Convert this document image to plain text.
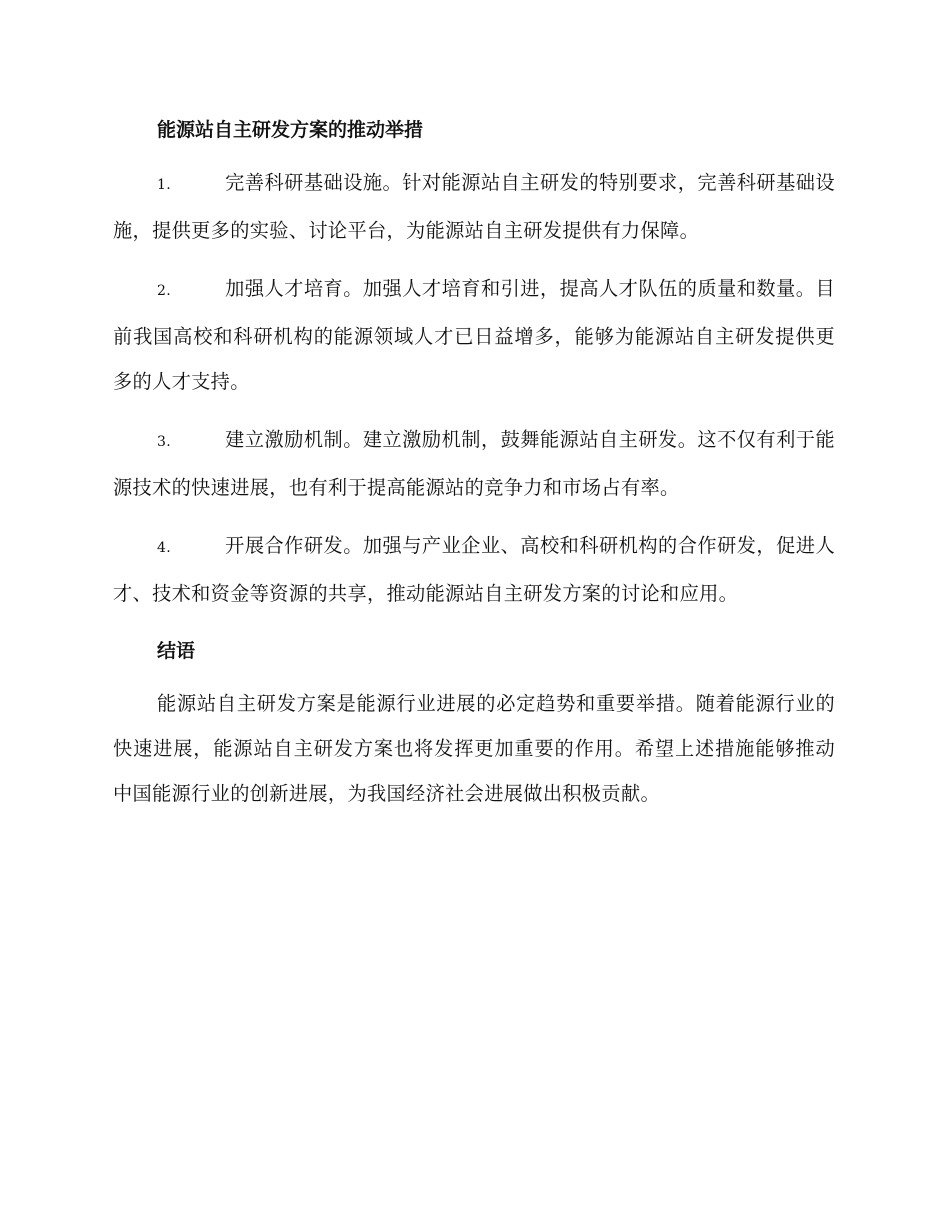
能源站自主研发方案的推动举措
1.	完善科研基础设施。针对能源站自主研发的特别要求，完善科研基础设施，提供更多的实验、讨论平台，为能源站自主研发提供有力保障。
2.	加强人才培育。加强人才培育和引进，提高人才队伍的质量和数量。目前我国高校和科研机构的能源领域人才已日益增多，能够为能源站自主研发提供更多的人才支持。
3.	建立激励机制。建立激励机制，鼓舞能源站自主研发。这不仅有利于能源技术的快速进展，也有利于提高能源站的竞争力和市场占有率。
4.	开展合作研发。加强与产业企业、高校和科研机构的合作研发，促进人才、技术和资金等资源的共享，推动能源站自主研发方案的讨论和应用。
结语
能源站自主研发方案是能源行业进展的必定趋势和重要举措。随着能源行业的快速进展，能源站自主研发方案也将发挥更加重要的作用。希望上述措施能够推动中国能源行业的创新进展，为我国经济社会进展做出积极贡献。
